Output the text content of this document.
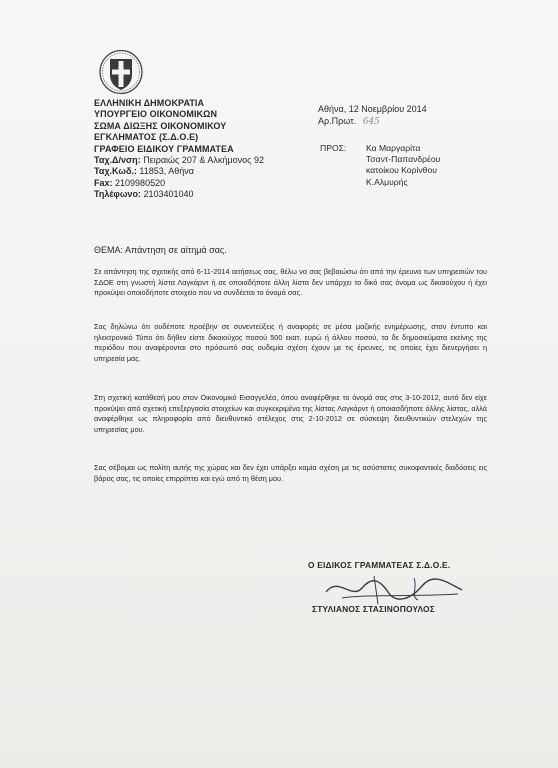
ΕΛΛΗΝΙΚΗ ΔΗΜΟΚΡΑΤΙΑ
ΥΠΟΥΡΓΕΙΟ ΟΙΚΟΝΟΜΙΚΩΝ
ΣΩΜΑ ΔΙΩΞΗΣ ΟΙΚΟΝΟΜΙΚΟΥ
ΕΓΚΛΗΜΑΤΟΣ (Σ.Δ.Ο.Ε)
ΓΡΑΦΕΙΟ ΕΙΔΙΚΟΥ ΓΡΑΜΜΑΤΕΑ
Ταχ.Δ/νση: Πειραιώς 207 & Αλκήμονος 92
Ταχ.Κωδ.: 11853, Αθήνα
Fax: 2109980520
Τηλέφωνο: 2103401040
Αθήνα, 12 Νοεμβρίου 2014
Αρ.Πρωτ. 645
ΠΡΟΣ: Κα Μαργαρίτα
Τσαντ-Παπανδρέου
κατοίκου Κορίνθου
Κ.Αλμυρής
ΘΕΜΑ: Απάντηση σε αίτημά σας.
Σε απάντηση της σχετικής από 6-11-2014 αιτήσεως σας, θέλω να σας βεβαιώσω ότι από την έρευνα των υπηρεσιών του ΣΔΟΕ στη γνωστή λίστα Λαγκάρντ ή σε οποιαδήποτε άλλη λίστα δεν υπάρχει το δικό σας όνομα ως δικαιούχου ή έχει προκύψει οποιοδήποτε στοιχείο που να συνδέεται το όνομά σας.
Σας δηλώνω ότι ουδέποτε προέβην σε συνεντεύξεις ή αναφορές σε μέσα μαζικής ενημέρωσης, στον έντυπο και ηλεκτρονικό Τύπο ότι δήθεν είστε δικαιούχος ποσού 500 εκατ. ευρώ ή άλλου ποσού, τα δε δημοσιεύματα εκείνης της περιόδου που αναφέρονται στο πρόσωπό σας ουδεμία σχέση έχουν με τις έρευνες, τις οποίες έχει διενεργήσει η υπηρεσία μας.
Στη σχετική κατάθεσή μου στον Οικονομικό Εισαγγελέα, όπου αναφέρθηκε το όνομά σας στις 3-10-2012, αυτό δεν είχε προκύψει από σχετική επεξεργασία στοιχείων και συγκεκριμένα της λίστας Λαγκάρντ ή οποιασδήποτε άλλης λίστας, αλλά αναφέρθηκε ως πληροφορία από διευθυντικό στέλεχος στις 2-10-2012 σε σύσκεψη διευθυντικών στελεχών της υπηρεσίας μου.
Σας σέβομαι ως πολίτη αυτής της χώρας και δεν έχει υπάρξει καμία σχέση με τις ασύστατες συκοφαντικές διαδόσεις εις βάρος σας, τις οποίες επιρρίπτει και εγώ από τη θέση μου.
Ο ΕΙΔΙΚΟΣ ΓΡΑΜΜΑΤΕΑΣ Σ.Δ.Ο.Ε.
ΣΤΥΛΙΑΝΟΣ ΣΤΑΣΙΝΟΠΟΥΛΟΣ
